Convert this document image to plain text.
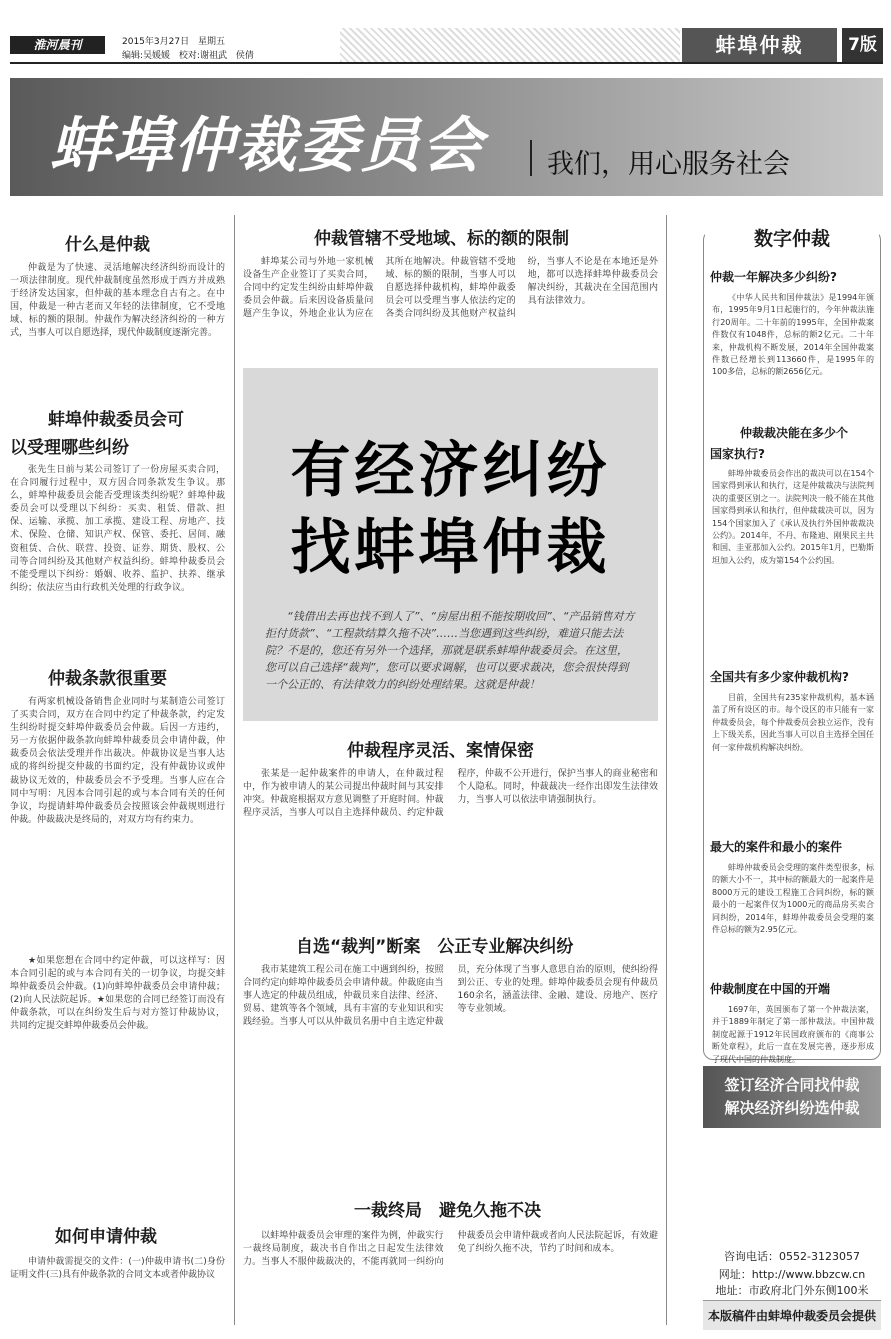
淮河晨刊	2015年3月27日 星期五
编辑:吴媛媛 校对:谢祖武 侯倩	蚌埠仲裁	7版
蚌埠仲裁委员会 我们，用心服务社会
什么是仲裁

仲裁是为了快速、灵活地解决经济纠纷而设计的一项法律制度。现代仲裁制度虽然形成于西方并成熟于经济发达国家，但仲裁的基本理念自古有之。在中国，仲裁是一种古老而又年轻的法律制度，它不受地域、标的额的限制。仲裁作为解决经济纠纷的一种方式，当事人可以自愿选择，现代仲裁制度逐渐完善。

蚌埠仲裁委员会可
以受理哪些纠纷

张先生日前与某公司签订了一份房屋买卖合同，在合同履行过程中，双方因合同条款发生争议。那么，蚌埠仲裁委员会能否受理该类纠纷呢？蚌埠仲裁委员会可以受理以下纠纷：买卖、租赁、借款、担保、运输、承揽、加工承揽、建设工程、房地产、技术、保险、仓储、知识产权、保管、委托、居间、融资租赁、合伙、联营、投资、证券、期货、股权、公司等合同纠纷及其他财产权益纠纷。蚌埠仲裁委员会不能受理以下纠纷：婚姻、收养、监护、扶养、继承纠纷；依法应当由行政机关处理的行政争议。

仲裁条款很重要

有两家机械设备销售企业同时与某制造公司签订了买卖合同，双方在合同中约定了仲裁条款，约定发生纠纷时提交蚌埠仲裁委员会仲裁。后因一方违约，另一方依据仲裁条款向蚌埠仲裁委员会申请仲裁，仲裁委员会依法受理并作出裁决。仲裁协议是当事人达成的将纠纷提交仲裁的书面约定，没有仲裁协议或仲裁协议无效的，仲裁委员会不予受理。当事人应在合同中写明：凡因本合同引起的或与本合同有关的任何争议，均提请蚌埠仲裁委员会按照该会仲裁规则进行仲裁。仲裁裁决是终局的，对双方均有约束力。

★如果您想在合同中约定仲裁，可以这样写：因本合同引起的或与本合同有关的一切争议，均提交蚌埠仲裁委员会仲裁。(1)向蚌埠仲裁委员会申请仲裁；(2)向人民法院起诉。★如果您的合同已经签订而没有仲裁条款，可以在纠纷发生后与对方签订仲裁协议，共同约定提交蚌埠仲裁委员会仲裁。

如何申请仲裁

申请仲裁需提交的文件：(一)仲裁申请书(二)身份证明文件(三)具有仲裁条款的合同文本或者仲裁协议

仲裁管辖不受地域、标的额的限制

蚌埠某公司与外地一家机械设备生产企业签订了买卖合同，合同中约定发生纠纷由蚌埠仲裁委员会仲裁。后来因设备质量问题产生争议，外地企业认为应在其所在地解决。仲裁管辖不受地域、标的额的限制，当事人可以自愿选择仲裁机构，蚌埠仲裁委员会可以受理当事人依法约定的各类合同纠纷及其他财产权益纠纷，当事人不论是在本地还是外地，都可以选择蚌埠仲裁委员会解决纠纷，其裁决在全国范围内具有法律效力。

有经济纠纷
找蚌埠仲裁
“钱借出去再也找不到人了”、“房屋出租不能按期收回”、“产品销售对方拒付货款”、“工程款结算久拖不决”……当您遇到这些纠纷，难道只能去法院？不是的，您还有另外一个选择，那就是联系蚌埠仲裁委员会。在这里，您可以自己选择“裁判”，您可以要求调解，也可以要求裁决，您会很快得到一个公正的、有法律效力的纠纷处理结果。这就是仲裁！
仲裁程序灵活、案情保密

张某是一起仲裁案件的申请人，在仲裁过程中，作为被申请人的某公司提出仲裁时间与其安排冲突。仲裁庭根据双方意见调整了开庭时间。仲裁程序灵活，当事人可以自主选择仲裁员、约定仲裁程序，仲裁不公开进行，保护当事人的商业秘密和个人隐私。同时，仲裁裁决一经作出即发生法律效力，当事人可以依法申请强制执行。

自选“裁判”断案　公正专业解决纠纷

我市某建筑工程公司在施工中遇到纠纷，按照合同约定向蚌埠仲裁委员会申请仲裁。仲裁庭由当事人选定的仲裁员组成，仲裁员来自法律、经济、贸易、建筑等各个领域，具有丰富的专业知识和实践经验。当事人可以从仲裁员名册中自主选定仲裁员，充分体现了当事人意思自治的原则，使纠纷得到公正、专业的处理。蚌埠仲裁委员会现有仲裁员160余名，涵盖法律、金融、建设、房地产、医疗等专业领域。

一裁终局　避免久拖不决

以蚌埠仲裁委员会审理的案件为例，仲裁实行一裁终局制度，裁决书自作出之日起发生法律效力。当事人不服仲裁裁决的，不能再就同一纠纷向仲裁委员会申请仲裁或者向人民法院起诉，有效避免了纠纷久拖不决，节约了时间和成本。

数字仲裁
仲裁一年解决多少纠纷?

《中华人民共和国仲裁法》是1994年颁布，1995年9月1日起施行的，今年仲裁法施行20周年。二十年前的1995年，全国仲裁案件数仅有1048件，总标的额2亿元。二十年来，仲裁机构不断发展，2014年全国仲裁案件数已经增长到113660件，是1995年的100多倍，总标的额2656亿元。

仲裁裁决能在多少个
国家执行?

蚌埠仲裁委员会作出的裁决可以在154个国家得到承认和执行，这是仲裁裁决与法院判决的重要区别之一。法院判决一般不能在其他国家得到承认和执行，但仲裁裁决可以，因为154个国家加入了《承认及执行外国仲裁裁决公约》。2014年，不丹、布隆迪、刚果民主共和国、圭亚那加入公约。2015年1月，巴勒斯坦加入公约，成为第154个公约国。

全国共有多少家仲裁机构?

目前，全国共有235家仲裁机构，基本涵盖了所有设区的市。每个设区的市只能有一家仲裁委员会，每个仲裁委员会独立运作，没有上下级关系，因此当事人可以自主选择全国任何一家仲裁机构解决纠纷。

最大的案件和最小的案件

蚌埠仲裁委员会受理的案件类型很多，标的额大小不一，其中标的额最大的一起案件是8000万元的建设工程施工合同纠纷，标的额最小的一起案件仅为1000元的商品房买卖合同纠纷，2014年，蚌埠仲裁委员会受理的案件总标的额为2.95亿元。

仲裁制度在中国的开端

1697年，英国颁布了第一个仲裁法案，并于1889年制定了第一部仲裁法。中国仲裁制度起源于1912年民国政府颁布的《商事公断处章程》，此后一直在发展完善，逐步形成了现代中国的仲裁制度。

签订经济合同找仲裁
解决经济纠纷选仲裁
咨询电话：0552-3123057
网址：http://www.bbzcw.cn
地址：市政府北门外东侧100米
本版稿件由蚌埠仲裁委员会提供
